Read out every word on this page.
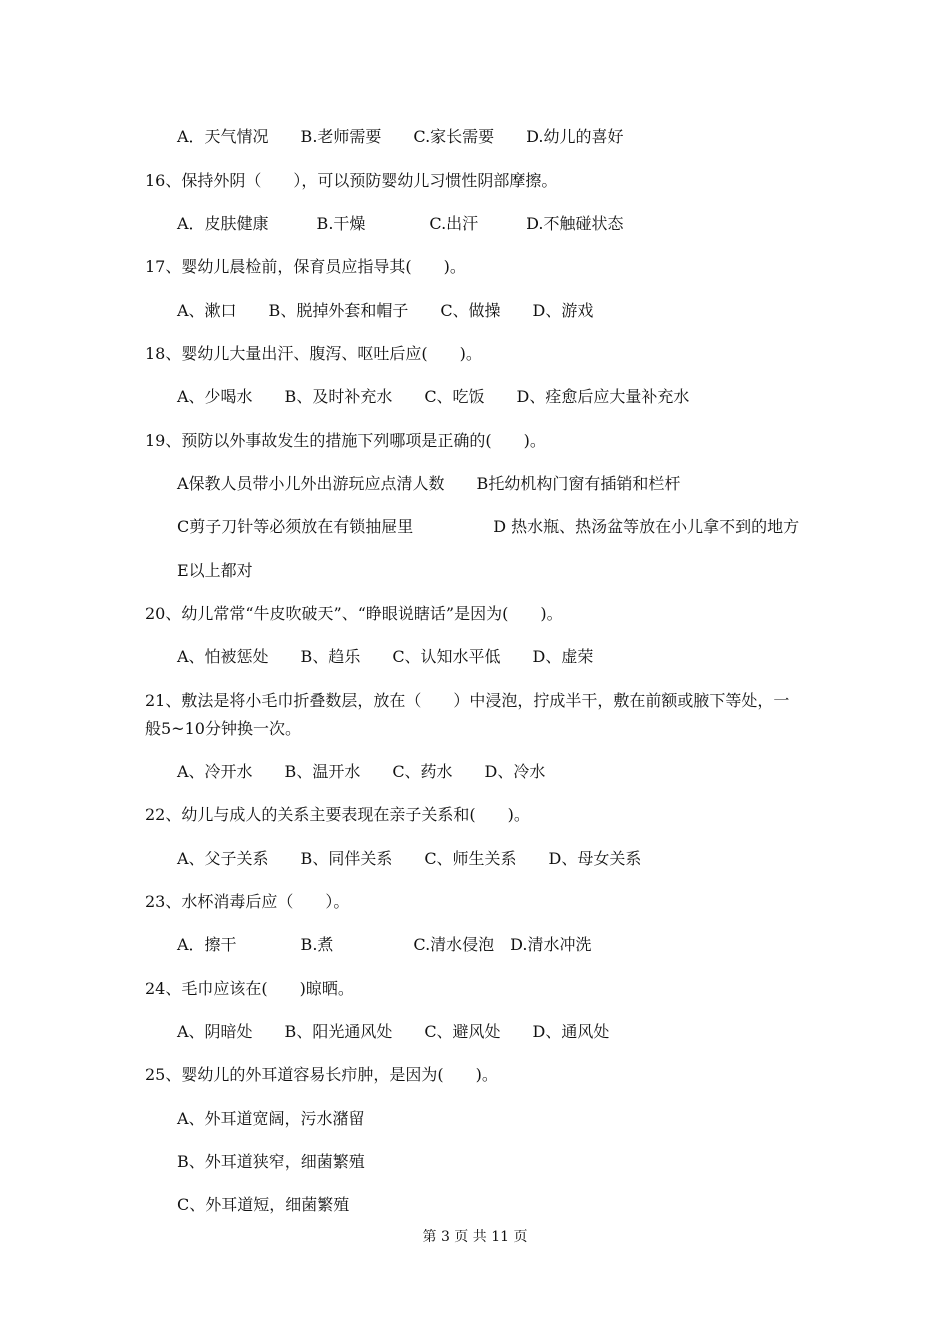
A．天气情况　　B.老师需要　　C.家长需要　　D.幼儿的喜好
16、保持外阴（　　），可以预防婴幼儿习惯性阴部摩擦。
A．皮肤健康　　　B.干燥　　　　C.出汗　　　D.不触碰状态
17、婴幼儿晨检前，保育员应指导其(　　)。
A、漱口　　B、脱掉外套和帽子　　C、做操　　D、游戏
18、婴幼儿大量出汗、腹泻、呕吐后应(　　)。
A、少喝水　　B、及时补充水　　C、吃饭　　D、痊愈后应大量补充水
19、预防以外事故发生的措施下列哪项是正确的(　　)。
A保教人员带小儿外出游玩应点清人数　　B托幼机构门窗有插销和栏杆
C剪子刀针等必须放在有锁抽屉里　　　　　D 热水瓶、热汤盆等放在小儿拿不到的地方
E以上都对
20、幼儿常常“牛皮吹破天”、“睁眼说瞎话”是因为(　　)。
A、怕被惩处　　B、趋乐　　C、认知水平低　　D、虚荣
21、敷法是将小毛巾折叠数层，放在（　　）中浸泡，拧成半干，敷在前额或腋下等处，一
般5~10分钟换一次。
A、冷开水　　B、温开水　　C、药水　　D、冷水
22、幼儿与成人的关系主要表现在亲子关系和(　　)。
A、父子关系　　B、同伴关系　　C、师生关系　　D、母女关系
23、水杯消毒后应（　　）。
A．擦干　　　　B.煮　　　　　C.清水侵泡　D.清水冲洗
24、毛巾应该在(　　)晾晒。
A、阴暗处　　B、阳光通风处　　C、避风处　　D、通风处
25、婴幼儿的外耳道容易长疖肿，是因为(　　)。
A、外耳道宽阔，污水潴留
B、外耳道狭窄，细菌繁殖
C、外耳道短，细菌繁殖
第 3 页 共 11 页
